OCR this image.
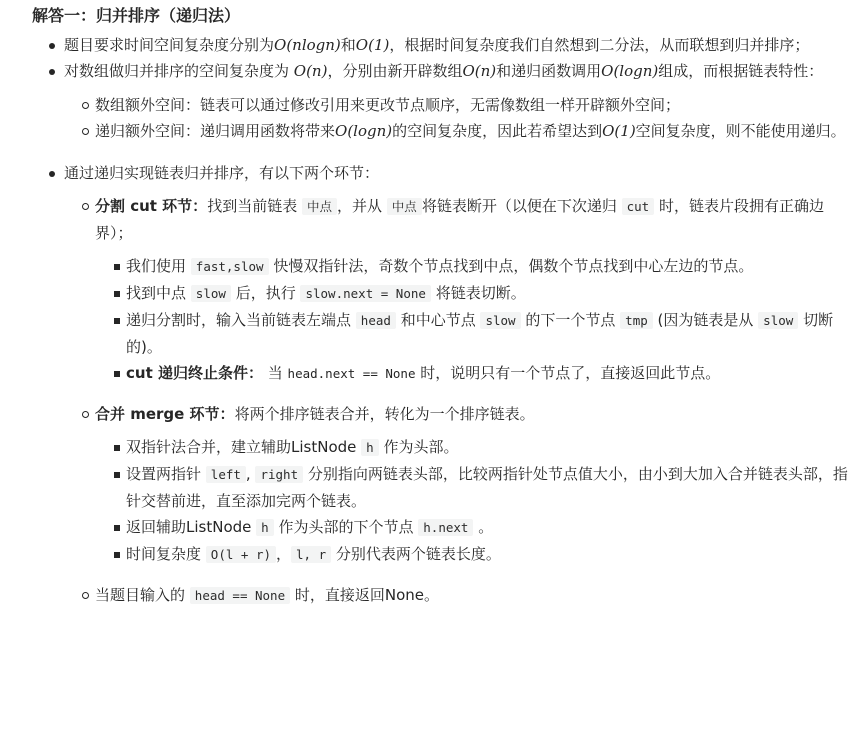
解答一：归并排序（递归法）
题目要求时间空间复杂度分别为O(nlogn)和O(1)，根据时间复杂度我们自然想到二分法，从而联想到归并排序；
对数组做归并排序的空间复杂度为 O(n)，分别由新开辟数组O(n)和递归函数调用O(logn)组成，而根据链表特性：
数组额外空间：链表可以通过修改引用来更改节点顺序，无需像数组一样开辟额外空间；
递归额外空间：递归调用函数将带来O(logn)的空间复杂度，因此若希望达到O(1)空间复杂度，则不能使用递归。
通过递归实现链表归并排序，有以下两个环节：
分割 cut 环节：找到当前链表 中点 ，并从 中点 将链表断开（以便在下次递归 cut 时，链表片段拥有正确边界）；
我们使用 fast,slow 快慢双指针法，奇数个节点找到中点，偶数个节点找到中心左边的节点。
找到中点 slow 后，执行 slow.next = None 将链表切断。
递归分割时，输入当前链表左端点 head 和中心节点 slow 的下一个节点 tmp (因为链表是从 slow 切断的)。
cut 递归终止条件： 当 head.next == None 时，说明只有一个节点了，直接返回此节点。
合并 merge 环节：将两个排序链表合并，转化为一个排序链表。
双指针法合并，建立辅助ListNode h 作为头部。
设置两指针 left , right 分别指向两链表头部，比较两指针处节点值大小，由小到大加入合并链表头部，指针交替前进，直至添加完两个链表。
返回辅助ListNode h 作为头部的下个节点 h.next 。
时间复杂度 O(l + r) ， l, r 分别代表两个链表长度。
当题目输入的 head == None 时，直接返回None。
